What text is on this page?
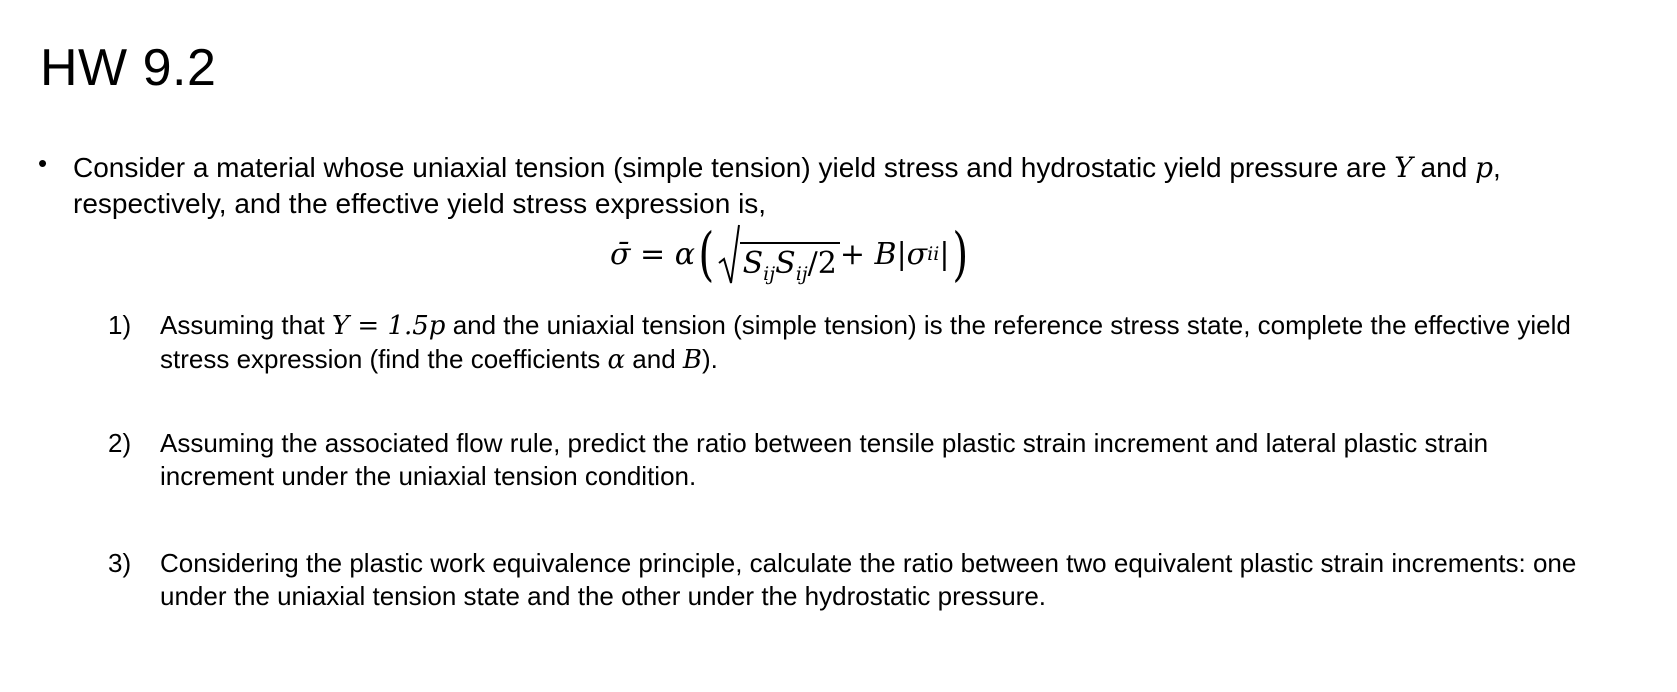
HW 9.2
• Consider a material whose uniaxial tension (simple tension) yield stress and hydrostatic yield pressure are Y and p, respectively, and the effective yield stress expression is,
σ̄ = α ( $S_{ij}S_{ij}/2 + B|\sigma$ ii | )
1) Assuming that Y = 1.5p and the uniaxial tension (simple tension) is the reference stress state, complete the effective yield stress expression (find the coefficients α and B).
2) Assuming the associated flow rule, predict the ratio between tensile plastic strain increment and lateral plastic strain increment under the uniaxial tension condition.
3) Considering the plastic work equivalence principle, calculate the ratio between two equivalent plastic strain increments: one under the uniaxial tension state and the other under the hydrostatic pressure.
